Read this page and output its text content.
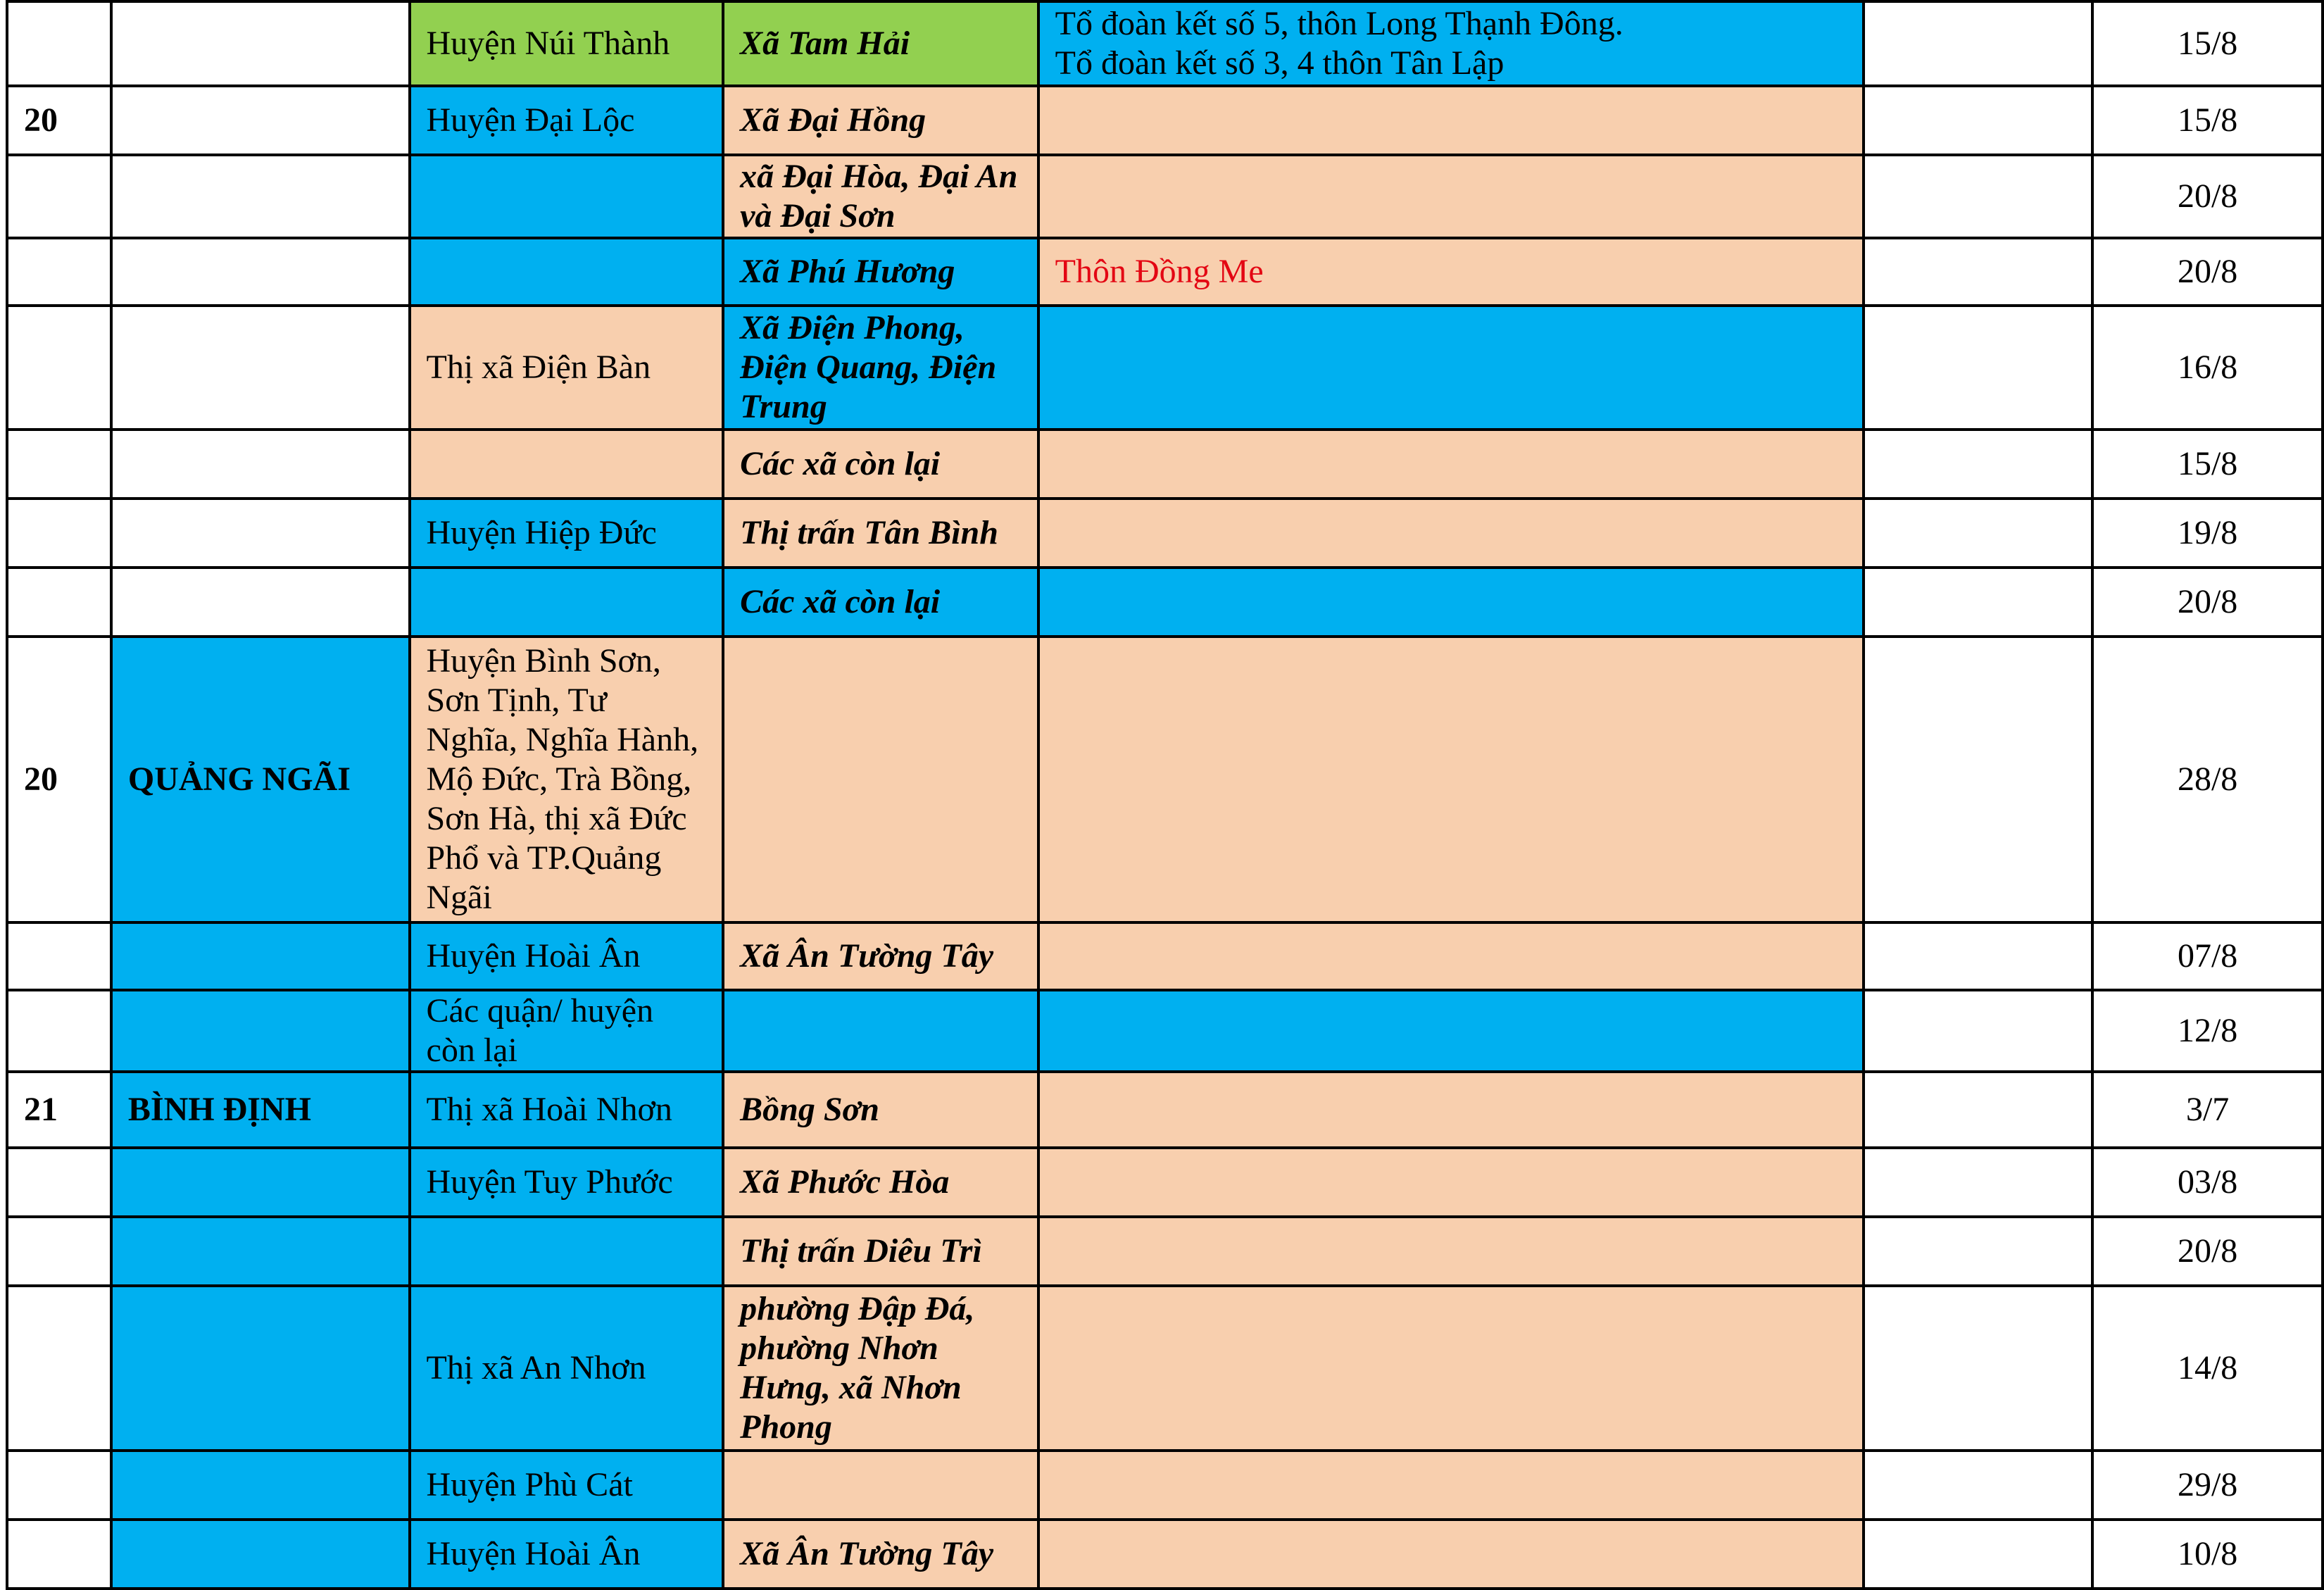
		Huyện Núi Thành	Xã Tam Hải	Tổ đoàn kết số 5, thôn Long Thạnh Đông.
Tổ đoàn kết số 3, 4 thôn Tân Lập		15/8
20		Huyện Đại Lộc	Xã Đại Hồng			15/8
			xã Đại Hòa, Đại An và Đại Sơn			20/8
			Xã Phú Hương	Thôn Đồng Me		20/8
		Thị xã Điện Bàn	Xã Điện Phong, Điện Quang, Điện Trung			16/8
			Các xã còn lại			15/8
		Huyện Hiệp Đức	Thị trấn Tân Bình			19/8
			Các xã còn lại			20/8
20	QUẢNG NGÃI	Huyện Bình Sơn, Sơn Tịnh, Tư Nghĩa, Nghĩa Hành, Mộ Đức, Trà Bồng, Sơn Hà, thị xã Đức Phổ và TP.Quảng Ngãi				28/8
		Huyện Hoài Ân	Xã Ân Tường Tây			07/8
		Các quận/ huyện còn lại				12/8
21	BÌNH ĐỊNH	Thị xã Hoài Nhơn	Bồng Sơn			3/7
		Huyện Tuy Phước	Xã Phước Hòa			03/8
			Thị trấn Diêu Trì			20/8
		Thị xã An Nhơn	phường Đập Đá, phường Nhơn Hưng, xã Nhơn Phong			14/8
		Huyện Phù Cát				29/8
		Huyện Hoài Ân	Xã Ân Tường Tây			10/8
